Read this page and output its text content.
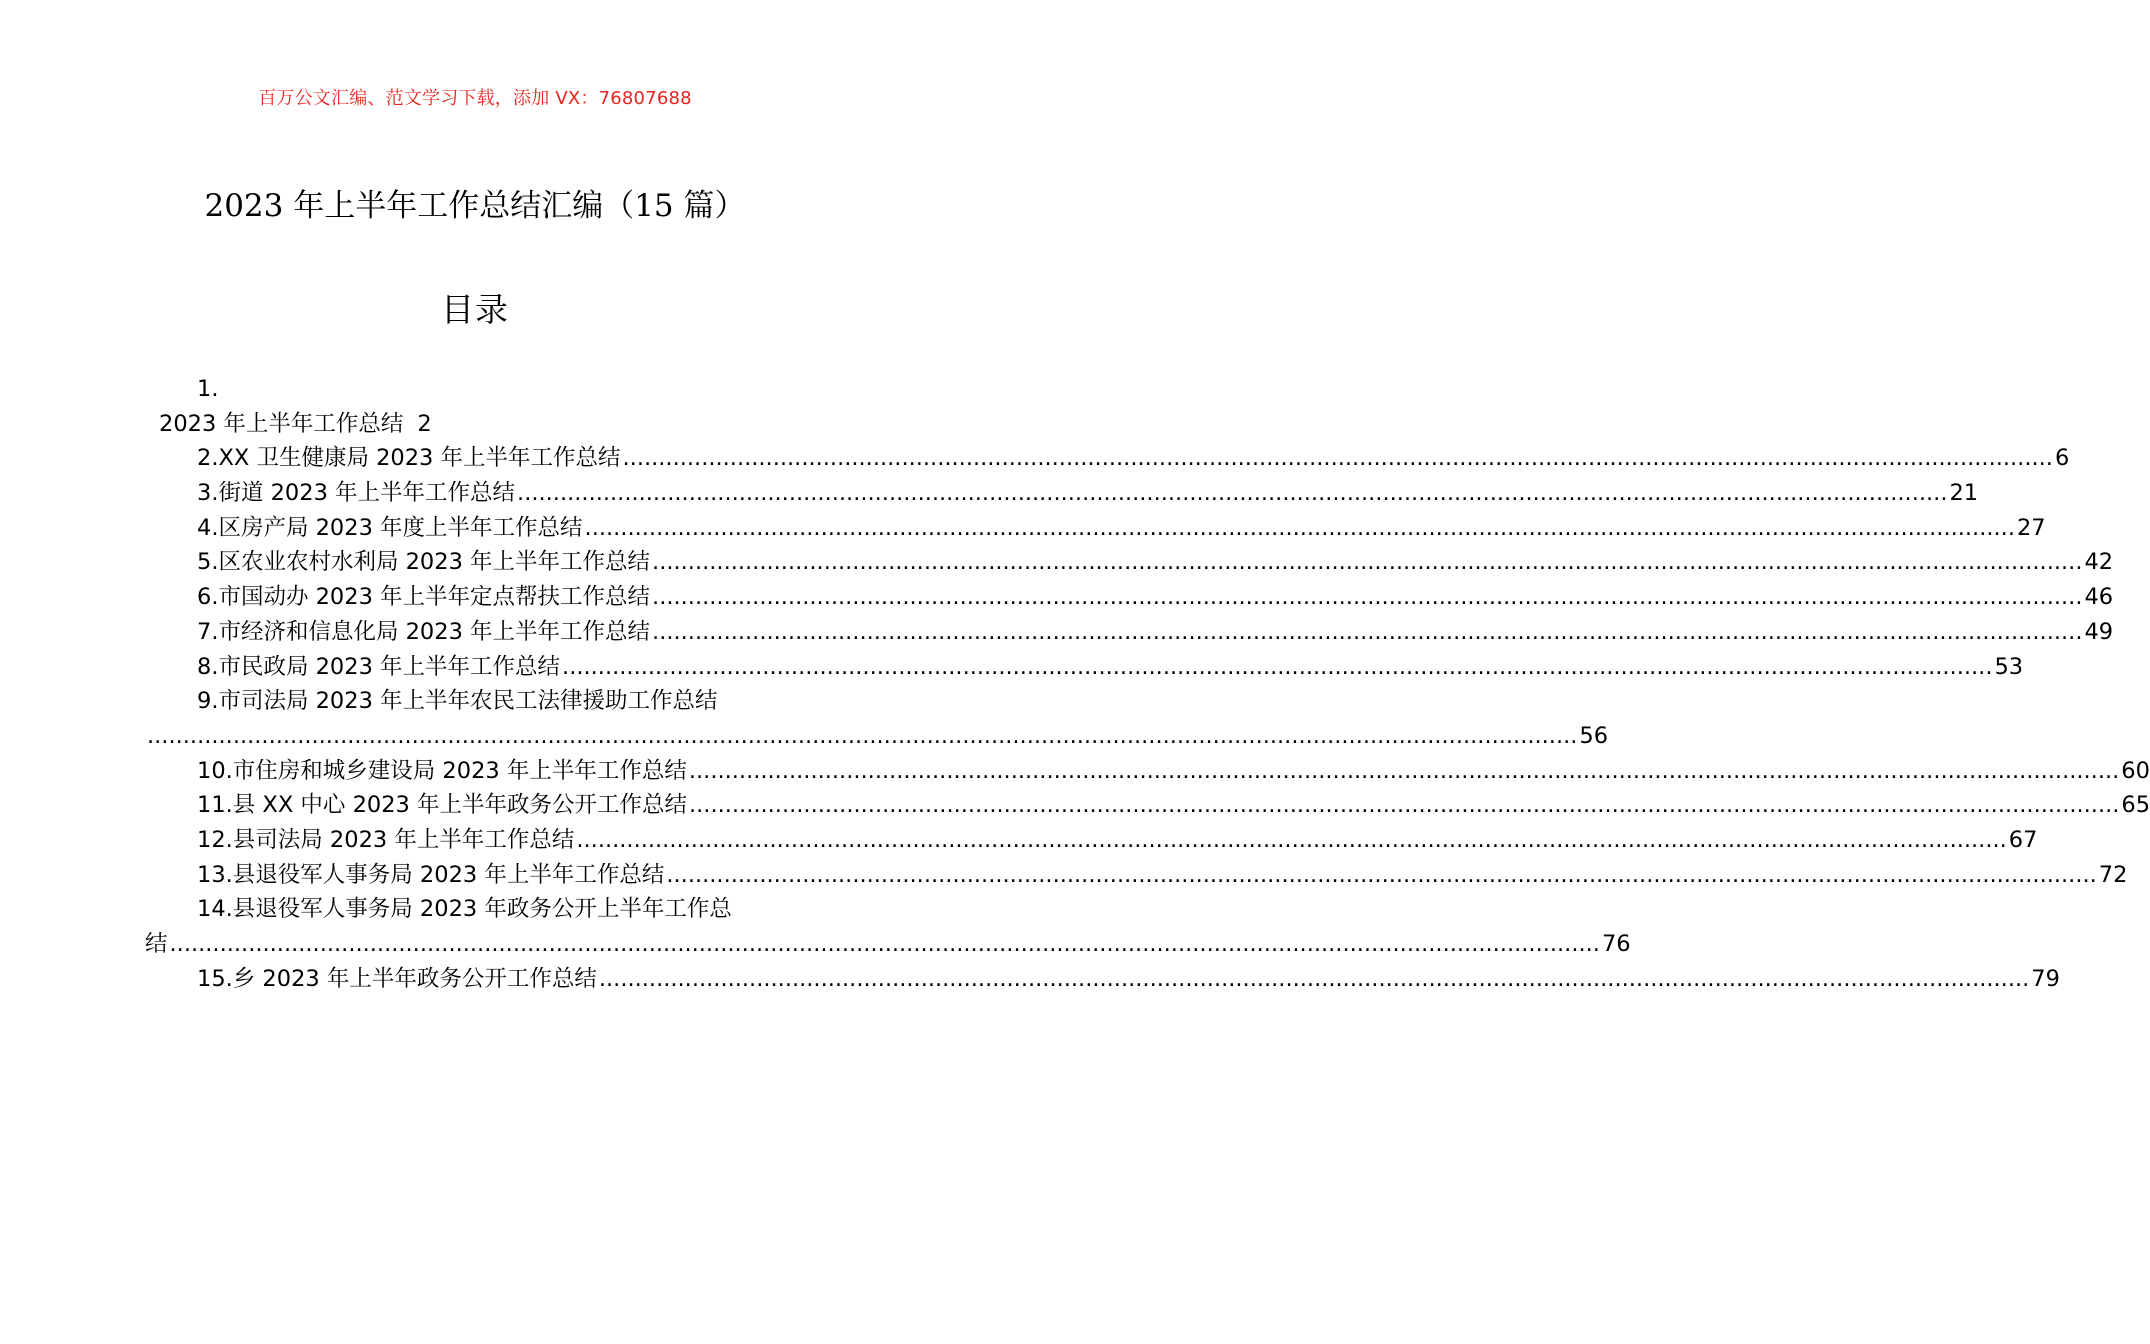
百万公文汇编、范文学习下载，添加 VX：76807688
2023 年上半年工作总结汇编（15 篇）
目录
1.
2023 年上半年工作总结 2
2.XX 卫生健康局 2023 年上半年工作总结 ........................................................................................................................................................................................................ 6
3.街道 2023 年上半年工作总结 ........................................................................................................................................................................................................ 21
4.区房产局 2023 年度上半年工作总结 ........................................................................................................................................................................................................ 27
5.区农业农村水利局 2023 年上半年工作总结 ........................................................................................................................................................................................................ 42
6.市国动办 2023 年上半年定点帮扶工作总结 ........................................................................................................................................................................................................ 46
7.市经济和信息化局 2023 年上半年工作总结 ........................................................................................................................................................................................................ 49
8.市民政局 2023 年上半年工作总结 ........................................................................................................................................................................................................ 53
9.市司法局 2023 年上半年农民工法律援助工作总结
........................................................................................................................................................................................................ 56
10.市住房和城乡建设局 2023 年上半年工作总结 ........................................................................................................................................................................................................ 60
11.县 XX 中心 2023 年上半年政务公开工作总结 ........................................................................................................................................................................................................ 65
12.县司法局 2023 年上半年工作总结 ........................................................................................................................................................................................................ 67
13.县退役军人事务局 2023 年上半年工作总结 ........................................................................................................................................................................................................ 72
14.县退役军人事务局 2023 年政务公开上半年工作总
结 ........................................................................................................................................................................................................ 76
15.乡 2023 年上半年政务公开工作总结 ........................................................................................................................................................................................................ 79
